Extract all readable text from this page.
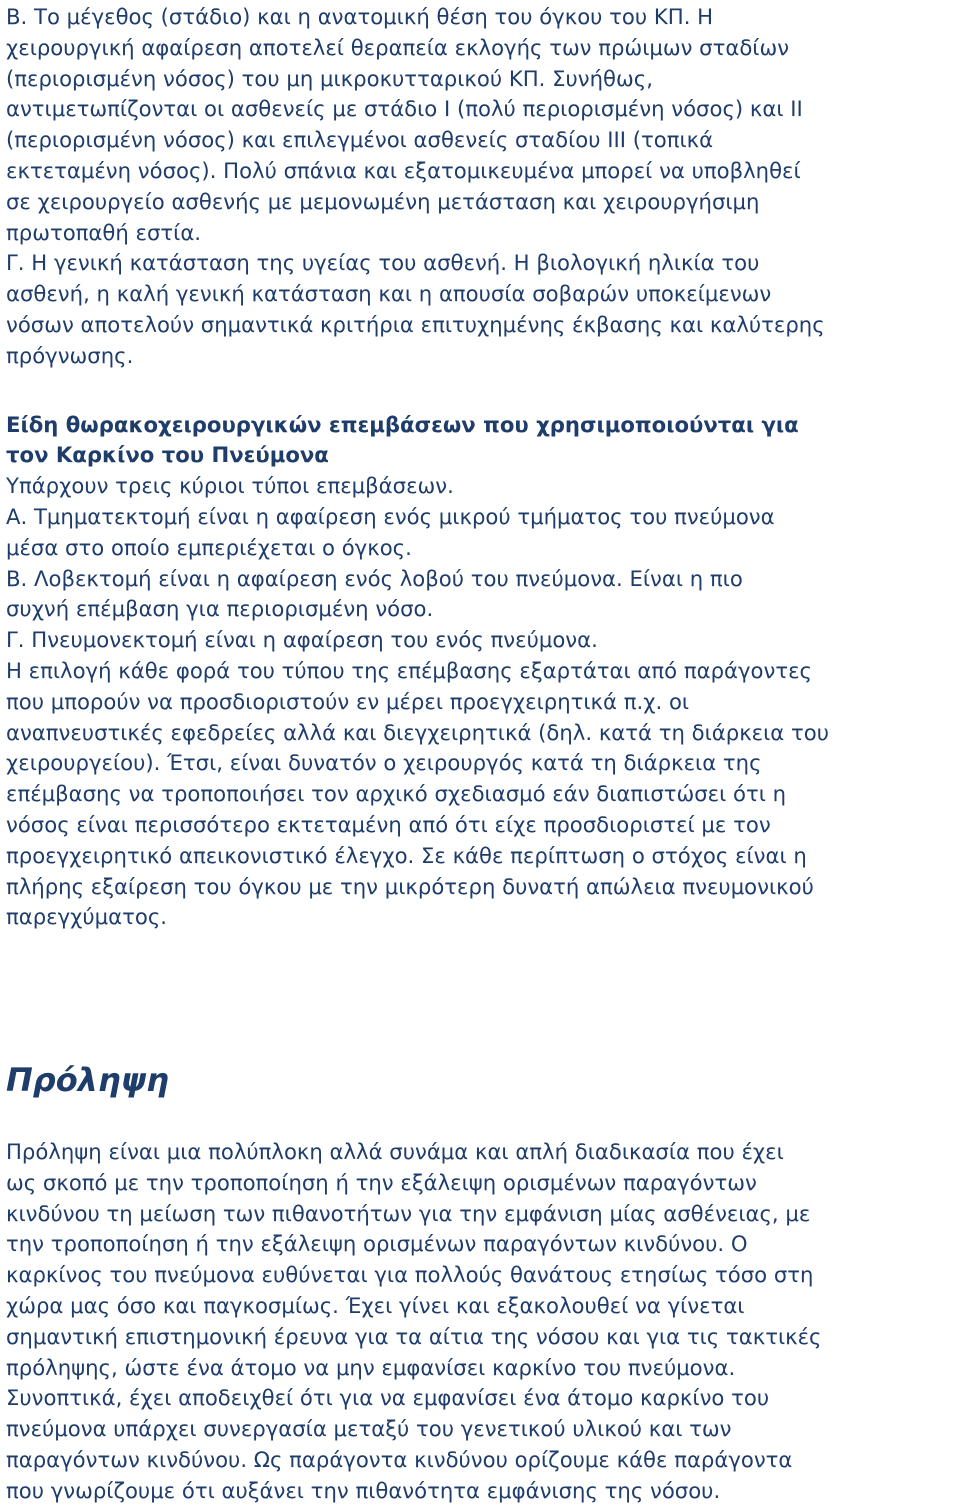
Β. Το μέγεθος (στάδιο) και η ανατομική θέση του όγκου του ΚΠ. Η
χειρουργική αφαίρεση αποτελεί θεραπεία εκλογής των πρώιμων σταδίων
(περιορισμένη νόσος) του μη μικροκυτταρικού ΚΠ. Συνήθως,
αντιμετωπίζονται οι ασθενείς με στάδιο Ι (πολύ περιορισμένη νόσος) και ΙΙ
(περιορισμένη νόσος) και επιλεγμένοι ασθενείς σταδίου ΙΙΙ (τοπικά
εκτεταμένη νόσος). Πολύ σπάνια και εξατομικευμένα μπορεί να υποβληθεί
σε χειρουργείο ασθενής με μεμονωμένη μετάσταση και χειρουργήσιμη
πρωτοπαθή εστία.
Γ. Η γενική κατάσταση της υγείας του ασθενή. Η βιολογική ηλικία του
ασθενή, η καλή γενική κατάσταση και η απουσία σοβαρών υποκείμενων
νόσων αποτελούν σημαντικά κριτήρια επιτυχημένης έκβασης και καλύτερης
πρόγνωσης.
Είδη θωρακοχειρουργικών επεμβάσεων που χρησιμοποιούνται για
τον Καρκίνο του Πνεύμονα
Υπάρχουν τρεις κύριοι τύποι επεμβάσεων.
Α. Τμηματεκτομή είναι η αφαίρεση ενός μικρού τμήματος του πνεύμονα
μέσα στο οποίο εμπεριέχεται ο όγκος.
Β. Λοβεκτομή είναι η αφαίρεση ενός λοβού του πνεύμονα. Είναι η πιο
συχνή επέμβαση για περιορισμένη νόσο.
Γ. Πνευμονεκτομή είναι η αφαίρεση του ενός πνεύμονα.
Η επιλογή κάθε φορά του τύπου της επέμβασης εξαρτάται από παράγοντες
που μπορούν να προσδιοριστούν εν μέρει προεγχειρητικά π.χ. οι
αναπνευστικές εφεδρείες αλλά και διεγχειρητικά (δηλ. κατά τη διάρκεια του
χειρουργείου). Έτσι, είναι δυνατόν ο χειρουργός κατά τη διάρκεια της
επέμβασης να τροποποιήσει τον αρχικό σχεδιασμό εάν διαπιστώσει ότι η
νόσος είναι περισσότερο εκτεταμένη από ότι είχε προσδιοριστεί με τον
προεγχειρητικό απεικονιστικό έλεγχο. Σε κάθε περίπτωση ο στόχος είναι η
πλήρης εξαίρεση του όγκου με την μικρότερη δυνατή απώλεια πνευμονικού
παρεγχύματος.
Πρόληψη
Πρόληψη είναι μια πολύπλοκη αλλά συνάμα και απλή διαδικασία που έχει
ως σκοπό με την τροποποίηση ή την εξάλειψη ορισμένων παραγόντων
κινδύνου τη μείωση των πιθανοτήτων για την εμφάνιση μίας ασθένειας, με
την τροποποίηση ή την εξάλειψη ορισμένων παραγόντων κινδύνου. Ο
καρκίνος του πνεύμονα ευθύνεται για πολλούς θανάτους ετησίως τόσο στη
χώρα μας όσο και παγκοσμίως. Έχει γίνει και εξακολουθεί να γίνεται
σημαντική επιστημονική έρευνα για τα αίτια της νόσου και για τις τακτικές
πρόληψης, ώστε ένα άτομο να μην εμφανίσει καρκίνο του πνεύμονα.
Συνοπτικά, έχει αποδειχθεί ότι για να εμφανίσει ένα άτομο καρκίνο του
πνεύμονα υπάρχει συνεργασία μεταξύ του γενετικού υλικού και των
παραγόντων κινδύνου. Ως παράγοντα κινδύνου ορίζουμε κάθε παράγοντα
που γνωρίζουμε ότι αυξάνει την πιθανότητα εμφάνισης της νόσου.
